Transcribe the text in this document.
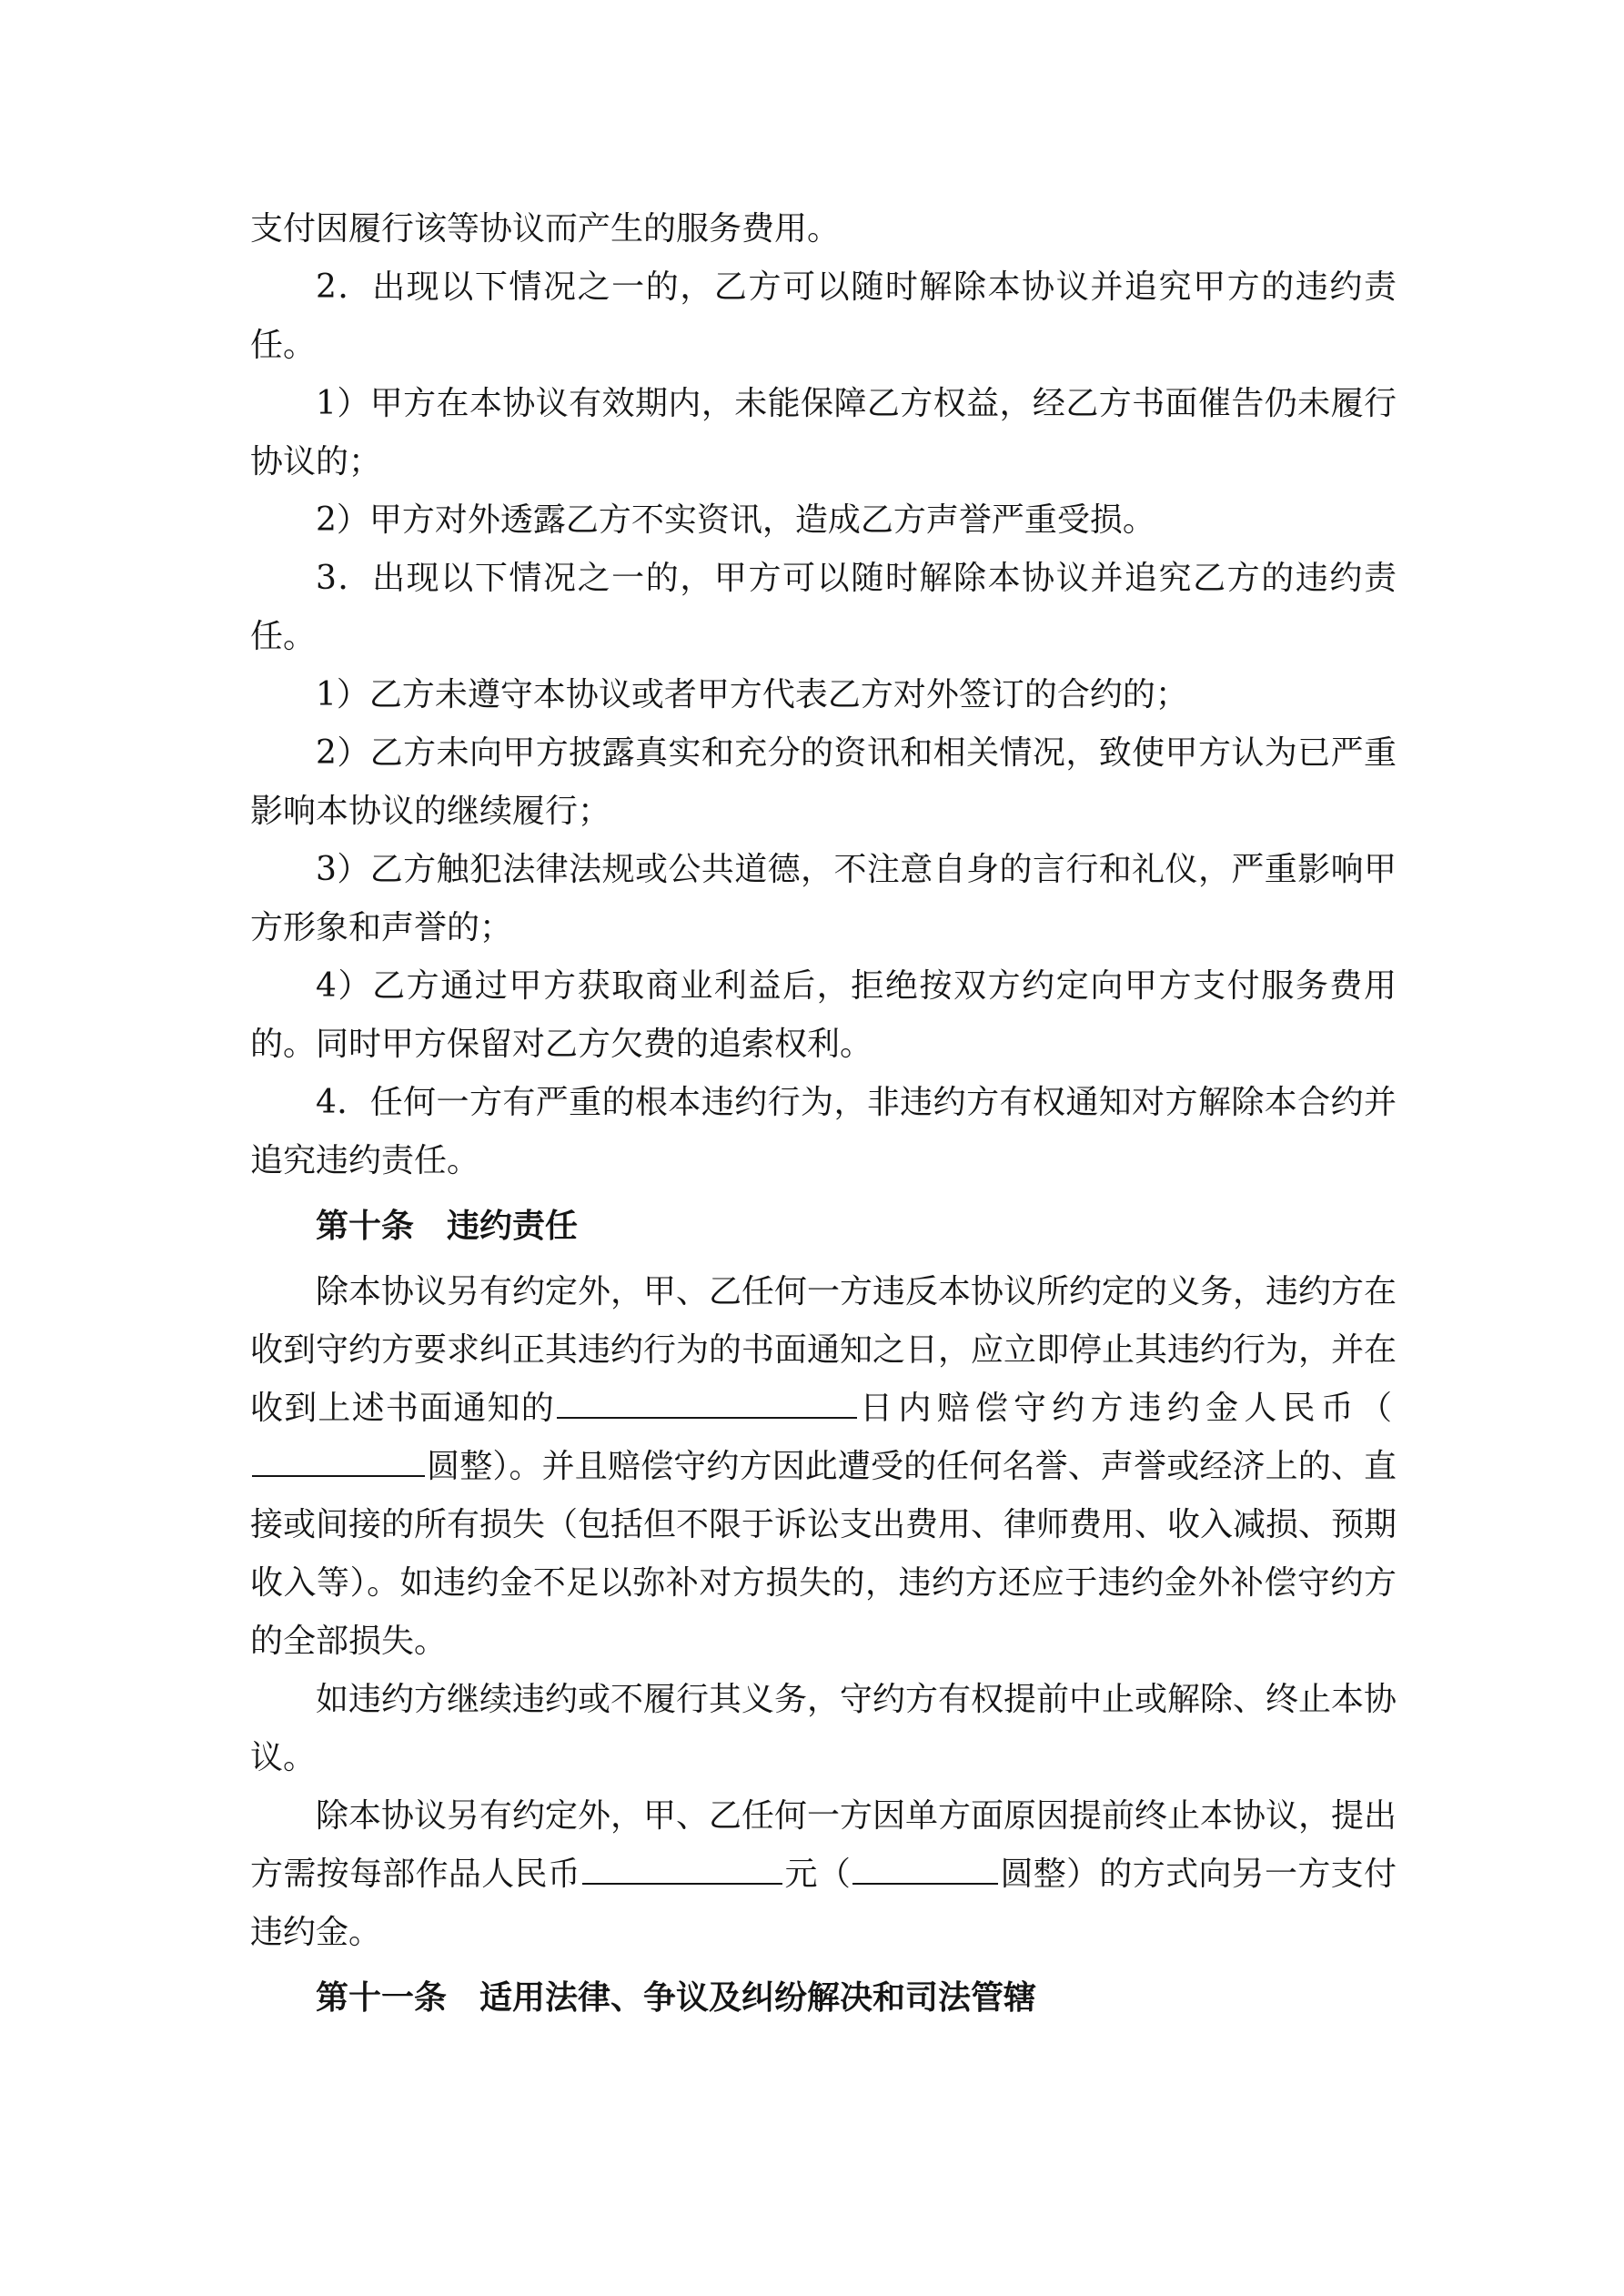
支付因履行该等协议而产生的服务费用。

2．出现以下情况之一的，乙方可以随时解除本协议并追究甲方的违约责任。

1）甲方在本协议有效期内，未能保障乙方权益，经乙方书面催告仍未履行协议的；

2）甲方对外透露乙方不实资讯，造成乙方声誉严重受损。

3．出现以下情况之一的，甲方可以随时解除本协议并追究乙方的违约责任。

1）乙方未遵守本协议或者甲方代表乙方对外签订的合约的；

2）乙方未向甲方披露真实和充分的资讯和相关情况，致使甲方认为已严重影响本协议的继续履行；

3）乙方触犯法律法规或公共道德，不注意自身的言行和礼仪，严重影响甲方形象和声誉的；

4）乙方通过甲方获取商业利益后，拒绝按双方约定向甲方支付服务费用的。同时甲方保留对乙方欠费的追索权利。

4．任何一方有严重的根本违约行为，非违约方有权通知对方解除本合约并追究违约责任。

第十条 违约责任

除本协议另有约定外，甲、乙任何一方违反本协议所约定的义务，违约方在收到守约方要求纠正其违约行为的书面通知之日，应立即停止其违约行为，并在收到上述书面通知的	日内赔偿守约方违约金人民币（圆整）。并且赔偿守约方因此遭受的任何名誉、声誉或经济上的、直接或间接的所有损失（包括但不限于诉讼支出费用、律师费用、收入减损、预期收入等）。如违约金不足以弥补对方损失的，违约方还应于违约金外补偿守约方的全部损失。

如违约方继续违约或不履行其义务，守约方有权提前中止或解除、终止本协议。

除本协议另有约定外，甲、乙任何一方因单方面原因提前终止本协议，提出方需按每部作品人民币	元（	圆整）的方式向另一方支付违约金。

第十一条 适用法律、争议及纠纷解决和司法管辖
